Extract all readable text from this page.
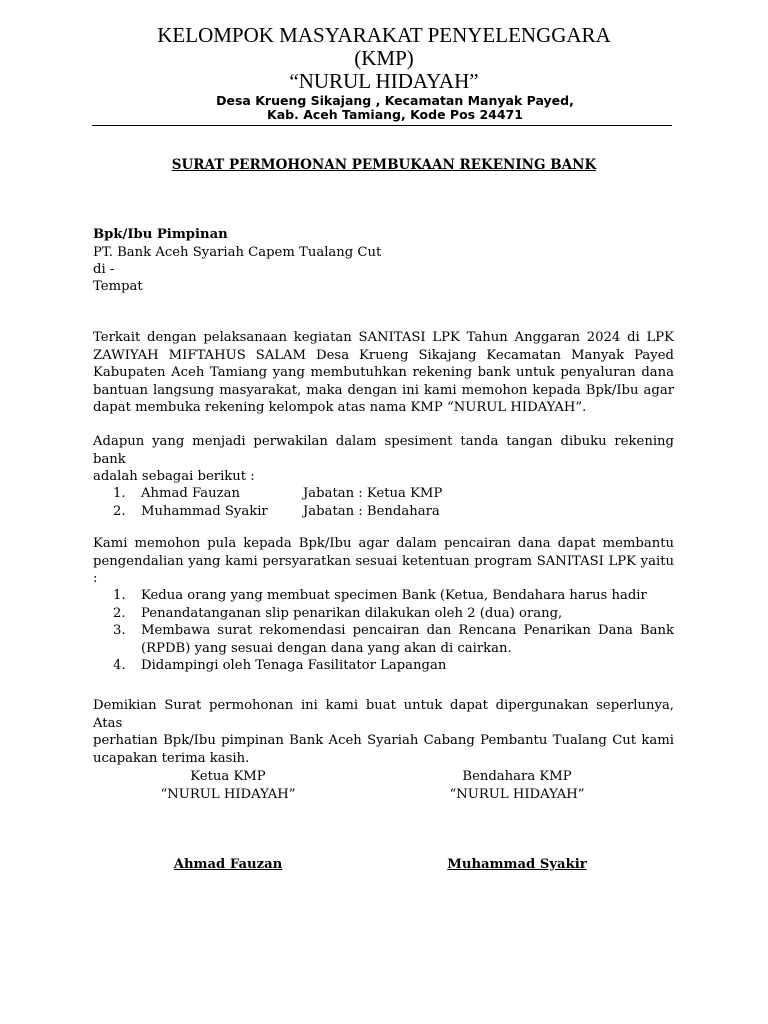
KELOMPOK MASYARAKAT PENYELENGGARA
(KMP)
“NURUL HIDAYAH”
Desa Krueng Sikajang , Kecamatan Manyak Payed,
Kab. Aceh Tamiang, Kode Pos 24471
SURAT PERMOHONAN PEMBUKAAN REKENING BANK
Bpk/Ibu Pimpinan
PT. Bank Aceh Syariah Capem Tualang Cut
di -
Tempat
Terkait dengan pelaksanaan kegiatan SANITASI LPK Tahun Anggaran 2024 di LPK
ZAWIYAH MIFTAHUS SALAM Desa Krueng Sikajang Kecamatan Manyak Payed
Kabupaten Aceh Tamiang yang membutuhkan rekening bank untuk penyaluran dana
bantuan langsung masyarakat, maka dengan ini kami memohon kepada Bpk/Ibu agar
dapat membuka rekening kelompok atas nama KMP “NURUL HIDAYAH”.
Adapun yang menjadi perwakilan dalam spesiment tanda tangan dibuku rekening bank
adalah sebagai berikut :
1. Ahmad Fauzan	Jabatan : Ketua KMP
2. Muhammad Syakir	Jabatan : Bendahara
Kami memohon pula kepada Bpk/Ibu agar dalam pencairan dana dapat membantu
pengendalian yang kami persyaratkan sesuai ketentuan program SANITASI LPK yaitu :
1. Kedua orang yang membuat specimen Bank (Ketua, Bendahara harus hadir
2. Penandatanganan slip penarikan dilakukan oleh 2 (dua) orang,
3. Membawa surat rekomendasi pencairan dan Rencana Penarikan Dana Bank
(RPDB) yang sesuai dengan dana yang akan di cairkan.
4. Didampingi oleh Tenaga Fasilitator Lapangan
Demikian Surat permohonan ini kami buat untuk dapat dipergunakan seperlunya, Atas
perhatian Bpk/Ibu pimpinan Bank Aceh Syariah Cabang Pembantu Tualang Cut kami
ucapakan terima kasih.
Ketua KMP
“NURUL HIDAYAH”
Ahmad Fauzan
Bendahara KMP
“NURUL HIDAYAH”
Muhammad Syakir
